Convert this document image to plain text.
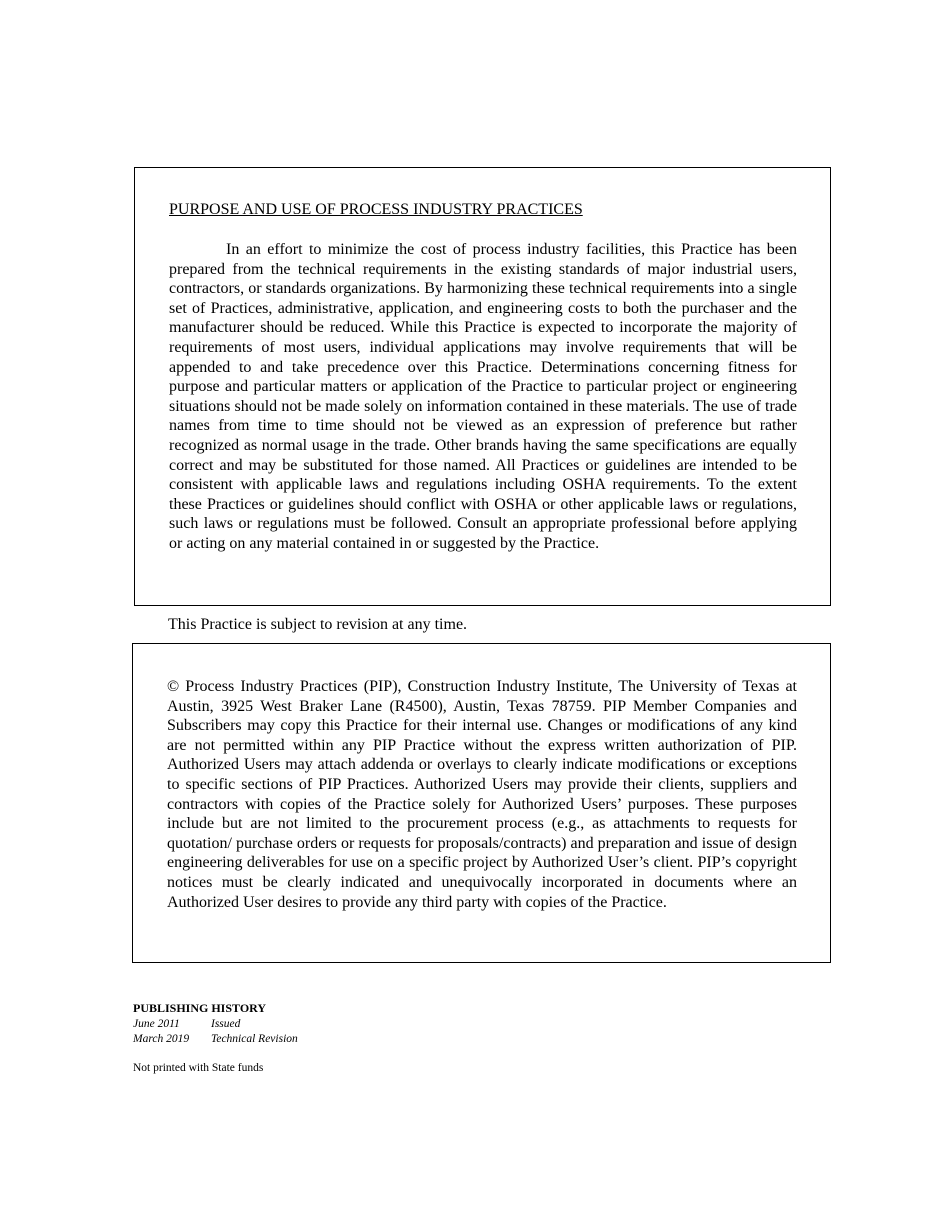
PURPOSE AND USE OF PROCESS INDUSTRY PRACTICES

In an effort to minimize the cost of process industry facilities, this Practice has been prepared from the technical requirements in the existing standards of major industrial users, contractors, or standards organizations. By harmonizing these technical requirements into a single set of Practices, administrative, application, and engineering costs to both the purchaser and the manufacturer should be reduced. While this Practice is expected to incorporate the majority of requirements of most users, individual applications may involve requirements that will be appended to and take precedence over this Practice. Determinations concerning fitness for purpose and particular matters or application of the Practice to particular project or engineering situations should not be made solely on information contained in these materials. The use of trade names from time to time should not be viewed as an expression of preference but rather recognized as normal usage in the trade. Other brands having the same specifications are equally correct and may be substituted for those named. All Practices or guidelines are intended to be consistent with applicable laws and regulations including OSHA requirements. To the extent these Practices or guidelines should conflict with OSHA or other applicable laws or regulations, such laws or regulations must be followed. Consult an appropriate professional before applying or acting on any material contained in or suggested by the Practice.

This Practice is subject to revision at any time.

© Process Industry Practices (PIP), Construction Industry Institute, The University of Texas at Austin, 3925 West Braker Lane (R4500), Austin, Texas 78759. PIP Member Companies and Subscribers may copy this Practice for their internal use. Changes or modifications of any kind are not permitted within any PIP Practice without the express written authorization of PIP. Authorized Users may attach addenda or overlays to clearly indicate modifications or exceptions to specific sections of PIP Practices. Authorized Users may provide their clients, suppliers and contractors with copies of the Practice solely for Authorized Users’ purposes. These purposes include but are not limited to the procurement process (e.g., as attachments to requests for quotation/ purchase orders or requests for proposals/contracts) and preparation and issue of design engineering deliverables for use on a specific project by Authorized User’s client. PIP’s copyright notices must be clearly indicated and unequivocally incorporated in documents where an Authorized User desires to provide any third party with copies of the Practice.

PUBLISHING HISTORY

June 2011	Issued
March 2019	Technical Revision

Not printed with State funds
